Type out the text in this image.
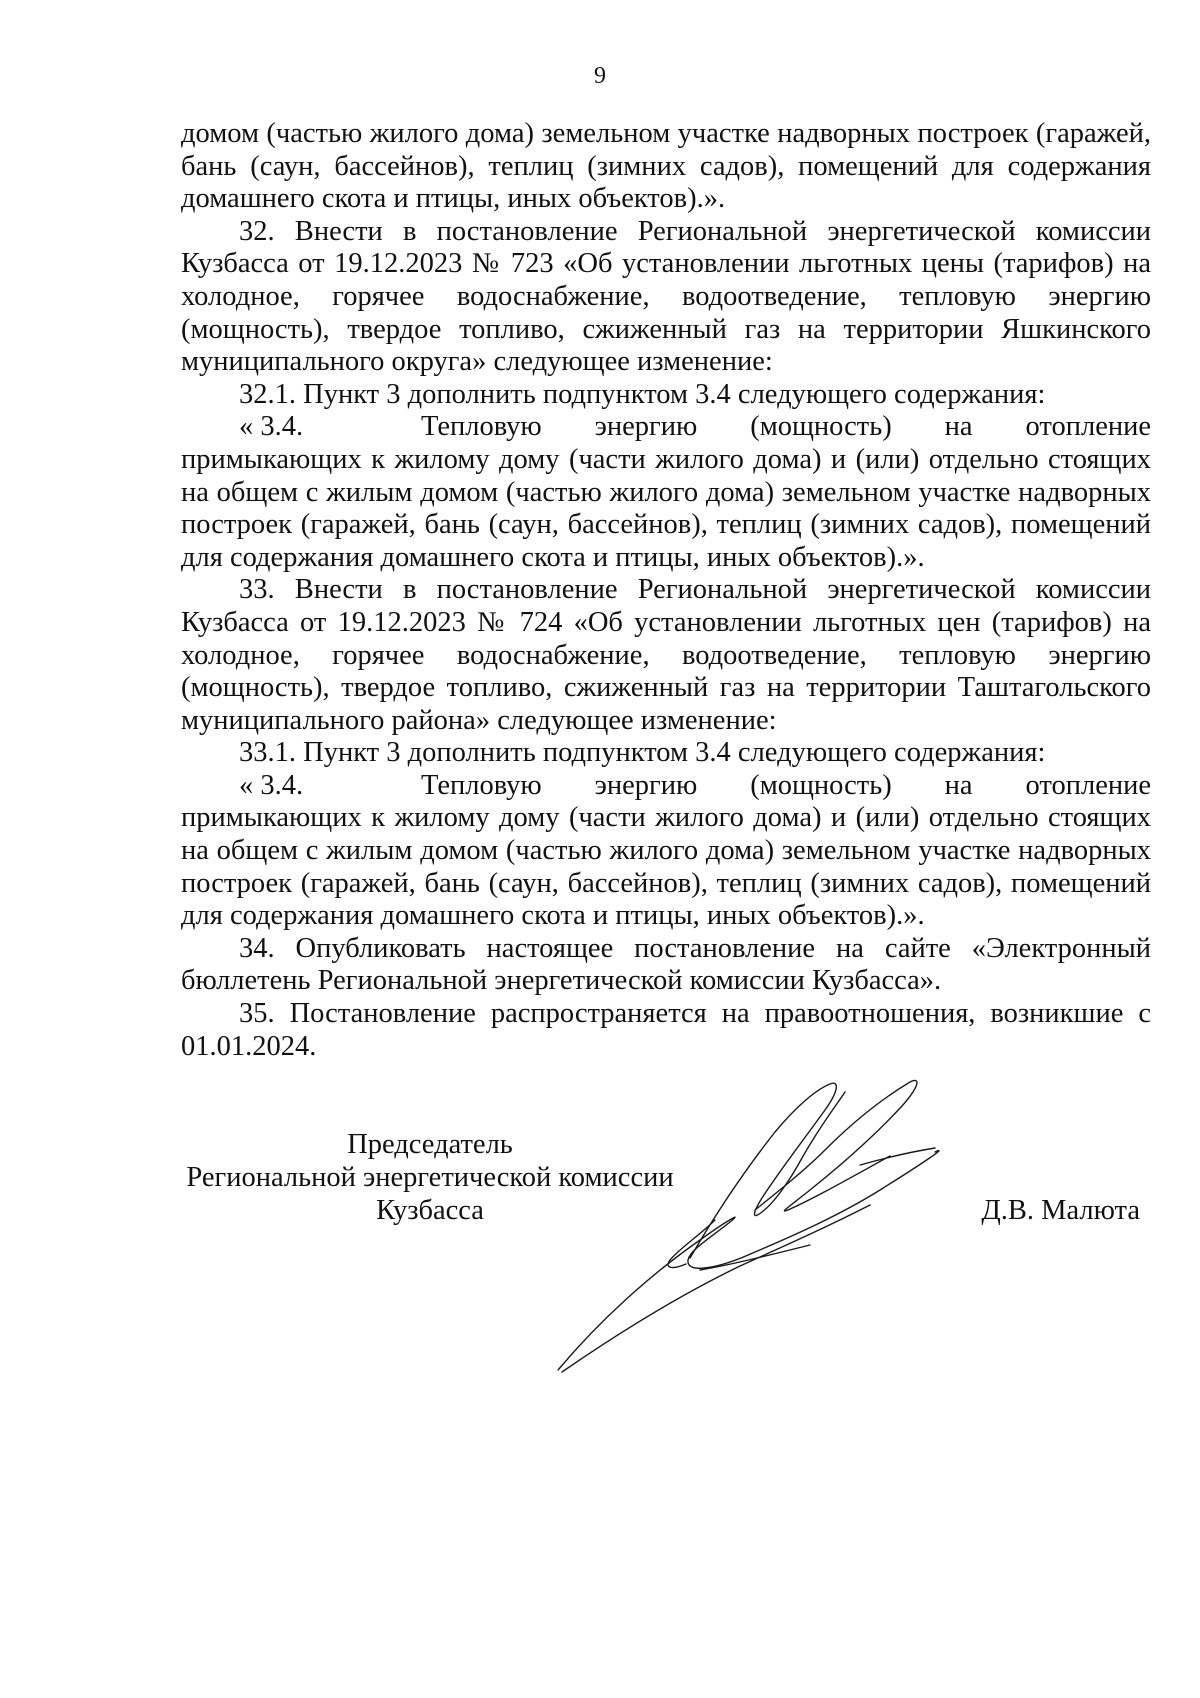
9

домом (частью жилого дома) земельном участке надворных построек (гаражей, бань (саун, бассейнов), теплиц (зимних садов), помещений для содержания домашнего скота и птицы, иных объектов).».

32. Внести в постановление Региональной энергетической комиссии Кузбасса от 19.12.2023 № 723 «Об установлении льготных цены (тарифов) на холодное, горячее водоснабжение, водоотведение, тепловую энергию (мощность), твердое топливо, сжиженный газ на территории Яшкинского муниципального округа» следующее изменение:

32.1. Пункт 3 дополнить подпунктом 3.4 следующего содержания:

« 3.4.	Тепловую энергию (мощность) на отопление примыкающих к жилому дому (части жилого дома) и (или) отдельно стоящих на общем с жилым домом (частью жилого дома) земельном участке надворных построек (гаражей, бань (саун, бассейнов), теплиц (зимних садов), помещений для содержания домашнего скота и птицы, иных объектов).».

33. Внести в постановление Региональной энергетической комиссии Кузбасса от 19.12.2023 № 724 «Об установлении льготных цен (тарифов) на холодное, горячее водоснабжение, водоотведение, тепловую энергию (мощность), твердое топливо, сжиженный газ на территории Таштагольского муниципального района» следующее изменение:

33.1. Пункт 3 дополнить подпунктом 3.4 следующего содержания:

« 3.4.	Тепловую энергию (мощность) на отопление примыкающих к жилому дому (части жилого дома) и (или) отдельно стоящих на общем с жилым домом (частью жилого дома) земельном участке надворных построек (гаражей, бань (саун, бассейнов), теплиц (зимних садов), помещений для содержания домашнего скота и птицы, иных объектов).».

34. Опубликовать настоящее постановление на сайте «Электронный бюллетень Региональной энергетической комиссии Кузбасса».

35. Постановление распространяется на правоотношения, возникшие с 01.01.2024.

Председатель
Региональной энергетической комиссии
Кузбасса	Д.В. Малюта
